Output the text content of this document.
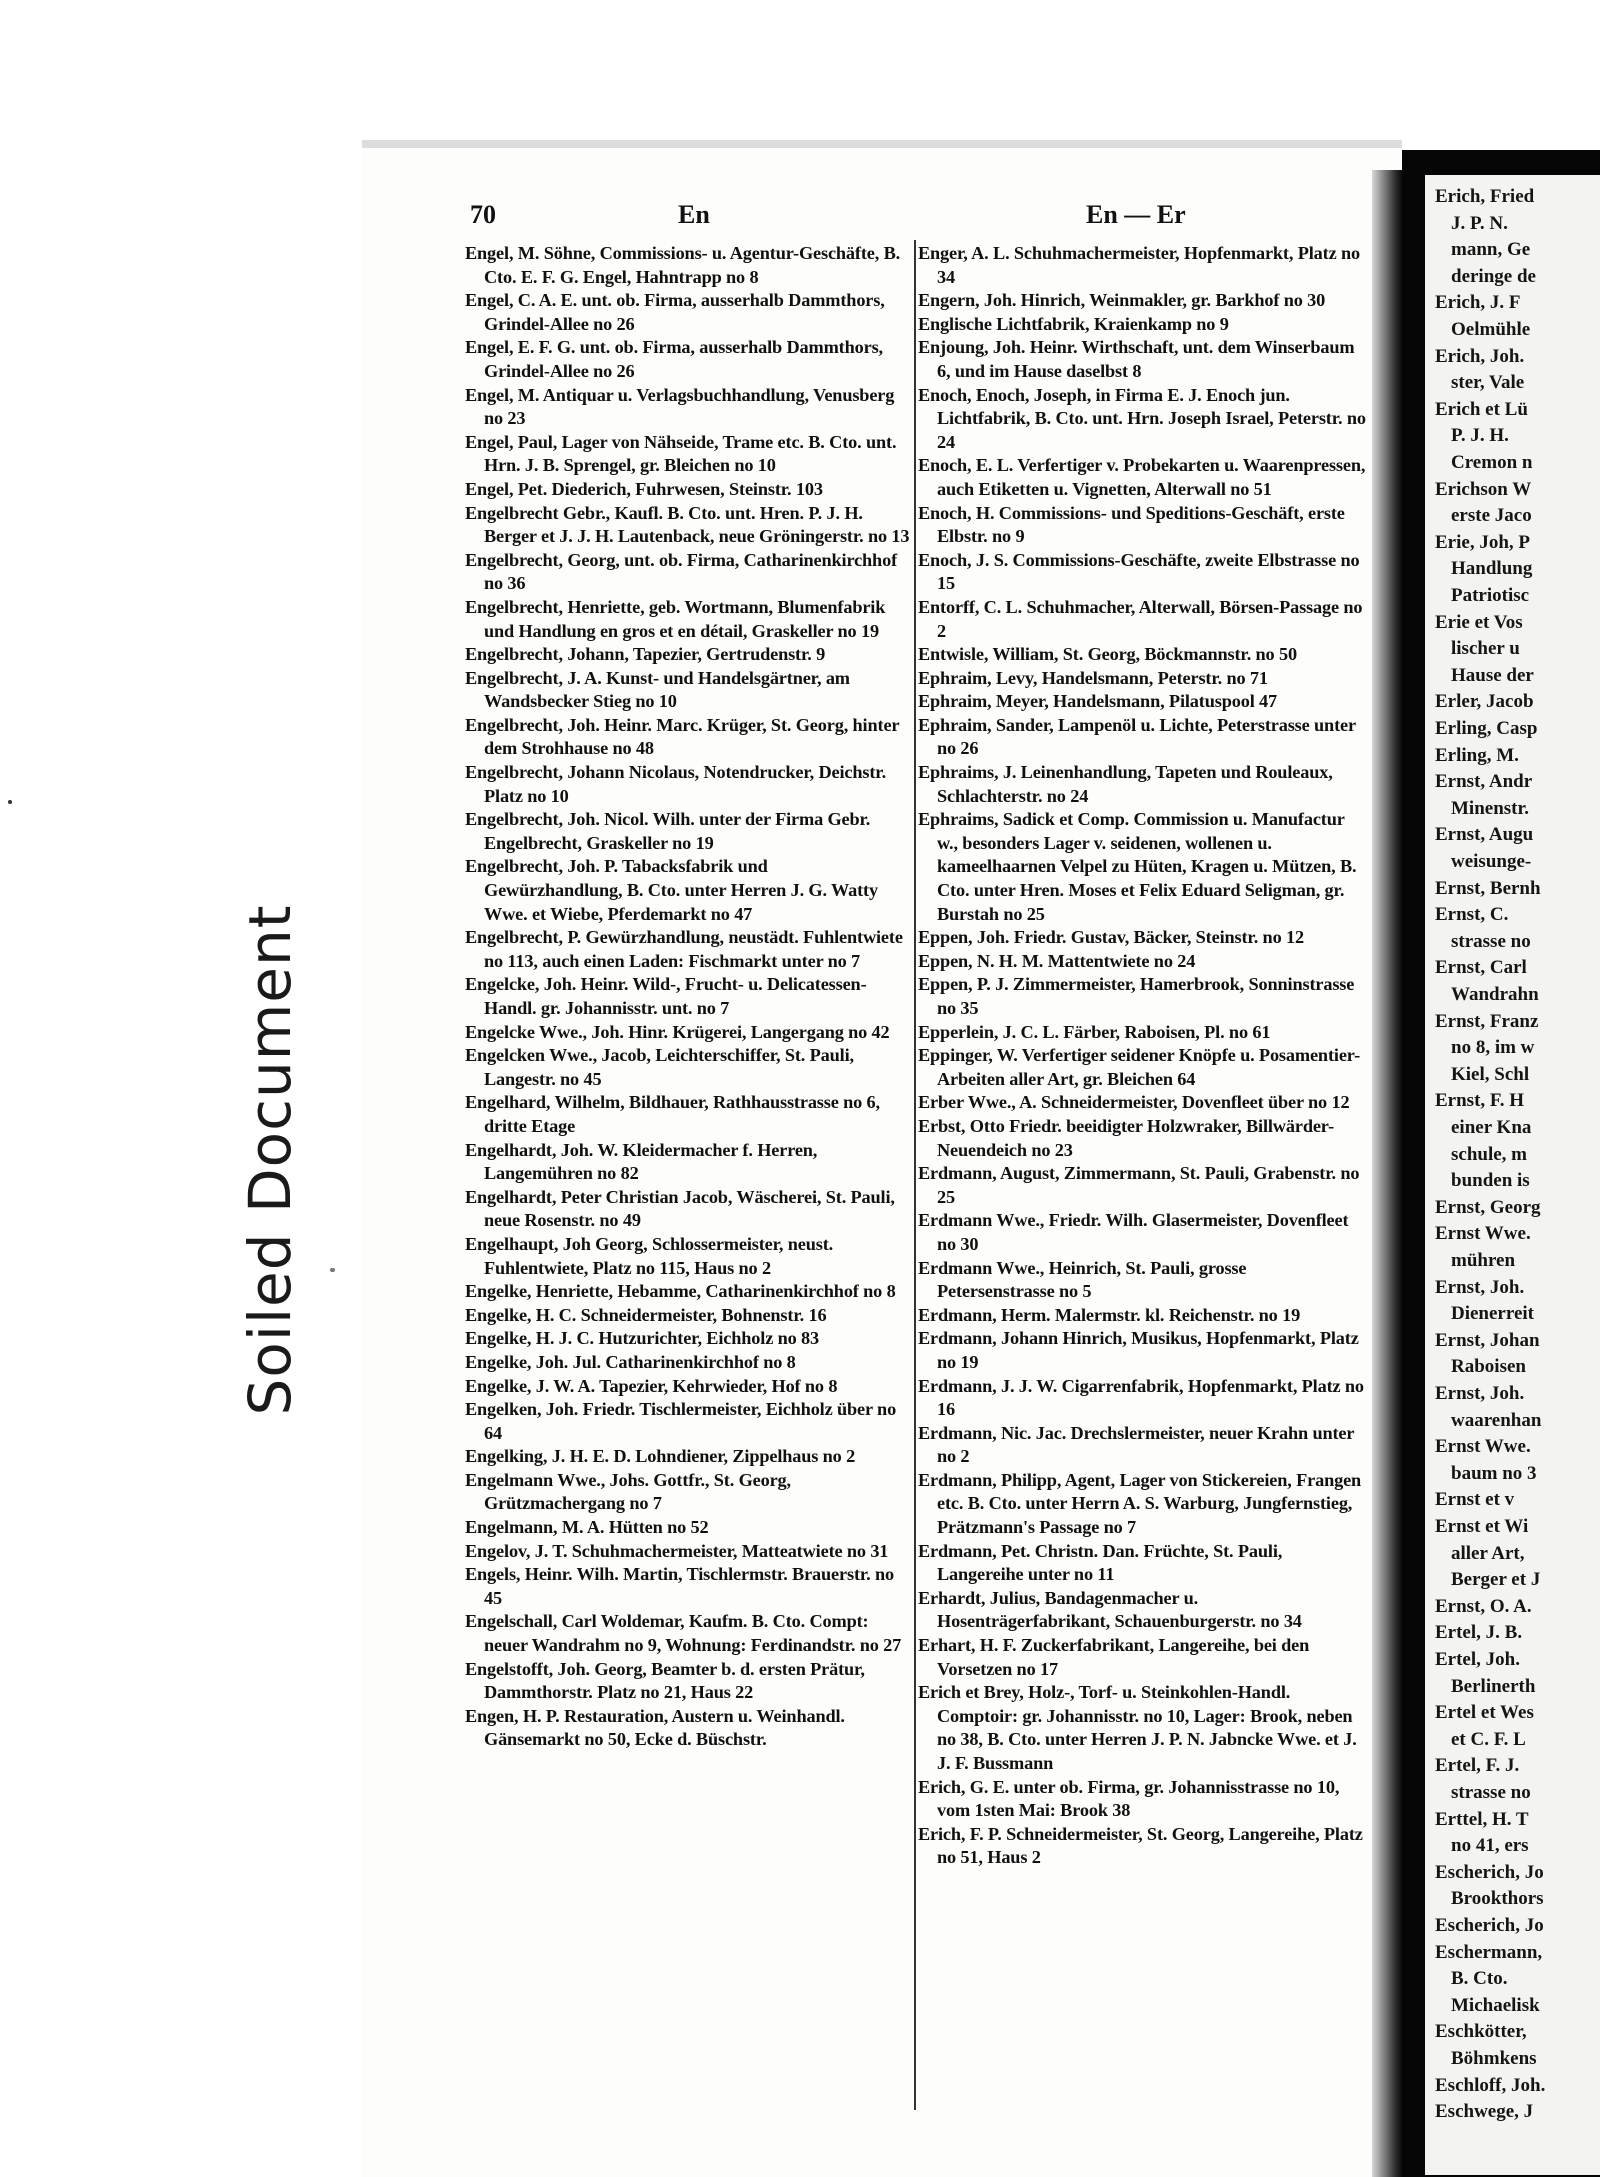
Erich, Fried
J. P. N.
mann, Ge
deringe de
Erich, J. F
Oelmühle
Erich, Joh.
ster, Vale
Erich et Lü
P. J. H.
Cremon n
Erichson W
erste Jaco
Erie, Joh, P
Handlung
Patriotisc
Erie et Vos
lischer u
Hause der
Erler, Jacob
Erling, Casp
Erling, M.
Ernst, Andr
Minenstr.
Ernst, Augu
weisunge-
Ernst, Bernh
Ernst, C.
strasse no
Ernst, Carl
Wandrahn
Ernst, Franz
no 8, im w
Kiel, Schl
Ernst, F. H
einer Kna
schule, m
bunden is
Ernst, Georg
Ernst Wwe.
mühren
Ernst, Joh.
Dienerreit
Ernst, Johan
Raboisen
Ernst, Joh.
waarenhan
Ernst Wwe.
baum no 3
Ernst et v
Ernst et Wi
aller Art,
Berger et J
Ernst, O. A.
Ertel, J. B.
Ertel, Joh.
Berlinerth
Ertel et Wes
et C. F. L
Ertel, F. J.
strasse no
Erttel, H. T
no 41, ers
Escherich, Jo
Brookthors
Escherich, Jo
Eschermann,
B. Cto.
Michaelisk
Eschkötter,
Böhmkens
Eschloff, Joh.
Eschwege, J
70	En	En — Er

Engel, M. Söhne, Commissions- u. Agentur-Geschäfte, B. Cto. E. F. G. Engel, Hahntrapp no 8

Engel, C. A. E. unt. ob. Firma, ausserhalb Dammthors, Grindel-Allee no 26

Engel, E. F. G. unt. ob. Firma, ausserhalb Dammthors, Grindel-Allee no 26

Engel, M. Antiquar u. Verlagsbuchhandlung, Venusberg no 23

Engel, Paul, Lager von Nähseide, Trame etc. B. Cto. unt. Hrn. J. B. Sprengel, gr. Bleichen no 10

Engel, Pet. Diederich, Fuhrwesen, Steinstr. 103

Engelbrecht Gebr., Kaufl. B. Cto. unt. Hren. P. J. H. Berger et J. J. H. Lautenback, neue Gröningerstr. no 13

Engelbrecht, Georg, unt. ob. Firma, Catharinenkirchhof no 36

Engelbrecht, Henriette, geb. Wortmann, Blumenfabrik und Handlung en gros et en détail, Graskeller no 19

Engelbrecht, Johann, Tapezier, Gertrudenstr. 9

Engelbrecht, J. A. Kunst- und Handelsgärtner, am Wandsbecker Stieg no 10

Engelbrecht, Joh. Heinr. Marc. Krüger, St. Georg, hinter dem Strohhause no 48

Engelbrecht, Johann Nicolaus, Notendrucker, Deichstr. Platz no 10

Engelbrecht, Joh. Nicol. Wilh. unter der Firma Gebr. Engelbrecht, Graskeller no 19

Engelbrecht, Joh. P. Tabacksfabrik und Gewürzhandlung, B. Cto. unter Herren J. G. Watty Wwe. et Wiebe, Pferdemarkt no 47

Engelbrecht, P. Gewürzhandlung, neustädt. Fuhlentwiete no 113, auch einen Laden: Fischmarkt unter no 7

Engelcke, Joh. Heinr. Wild-, Frucht- u. Delicatessen-Handl. gr. Johannisstr. unt. no 7

Engelcke Wwe., Joh. Hinr. Krügerei, Langergang no 42

Engelcken Wwe., Jacob, Leichterschiffer, St. Pauli, Langestr. no 45

Engelhard, Wilhelm, Bildhauer, Rathhausstrasse no 6, dritte Etage

Engelhardt, Joh. W. Kleidermacher f. Herren, Langemühren no 82

Engelhardt, Peter Christian Jacob, Wäscherei, St. Pauli, neue Rosenstr. no 49

Engelhaupt, Joh Georg, Schlossermeister, neust. Fuhlentwiete, Platz no 115, Haus no 2

Engelke, Henriette, Hebamme, Catharinenkirchhof no 8

Engelke, H. C. Schneidermeister, Bohnenstr. 16

Engelke, H. J. C. Hutzurichter, Eichholz no 83

Engelke, Joh. Jul. Catharinenkirchhof no 8

Engelke, J. W. A. Tapezier, Kehrwieder, Hof no 8

Engelken, Joh. Friedr. Tischlermeister, Eichholz über no 64

Engelking, J. H. E. D. Lohndiener, Zippelhaus no 2

Engelmann Wwe., Johs. Gottfr., St. Georg, Grützmachergang no 7

Engelmann, M. A. Hütten no 52

Engelov, J. T. Schuhmachermeister, Matteatwiete no 31

Engels, Heinr. Wilh. Martin, Tischlermstr. Brauerstr. no 45

Engelschall, Carl Woldemar, Kaufm. B. Cto. Compt: neuer Wandrahm no 9, Wohnung: Ferdinandstr. no 27

Engelstofft, Joh. Georg, Beamter b. d. ersten Prätur, Dammthorstr. Platz no 21, Haus 22

Engen, H. P. Restauration, Austern u. Weinhandl. Gänsemarkt no 50, Ecke d. Büschstr.

Enger, A. L. Schuhmachermeister, Hopfenmarkt, Platz no 34

Engern, Joh. Hinrich, Weinmakler, gr. Barkhof no 30

Englische Lichtfabrik, Kraienkamp no 9

Enjoung, Joh. Heinr. Wirthschaft, unt. dem Winserbaum 6, und im Hause daselbst 8

Enoch, Enoch, Joseph, in Firma E. J. Enoch jun. Lichtfabrik, B. Cto. unt. Hrn. Joseph Israel, Peterstr. no 24

Enoch, E. L. Verfertiger v. Probekarten u. Waarenpressen, auch Etiketten u. Vignetten, Alterwall no 51

Enoch, H. Commissions- und Speditions-Geschäft, erste Elbstr. no 9

Enoch, J. S. Commissions-Geschäfte, zweite Elbstrasse no 15

Entorff, C. L. Schuhmacher, Alterwall, Börsen-Passage no 2

Entwisle, William, St. Georg, Böckmannstr. no 50

Ephraim, Levy, Handelsmann, Peterstr. no 71

Ephraim, Meyer, Handelsmann, Pilatuspool 47

Ephraim, Sander, Lampenöl u. Lichte, Peterstrasse unter no 26

Ephraims, J. Leinenhandlung, Tapeten und Rouleaux, Schlachterstr. no 24

Ephraims, Sadick et Comp. Commission u. Manufactur w., besonders Lager v. seidenen, wollenen u. kameelhaarnen Velpel zu Hüten, Kragen u. Mützen, B. Cto. unter Hren. Moses et Felix Eduard Seligman, gr. Burstah no 25

Eppen, Joh. Friedr. Gustav, Bäcker, Steinstr. no 12

Eppen, N. H. M. Mattentwiete no 24

Eppen, P. J. Zimmermeister, Hamerbrook, Sonninstrasse no 35

Epperlein, J. C. L. Färber, Raboisen, Pl. no 61

Eppinger, W. Verfertiger seidener Knöpfe u. Posamentier-Arbeiten aller Art, gr. Bleichen 64

Erber Wwe., A. Schneidermeister, Dovenfleet über no 12

Erbst, Otto Friedr. beeidigter Holzwraker, Billwärder-Neuendeich no 23

Erdmann, August, Zimmermann, St. Pauli, Grabenstr. no 25

Erdmann Wwe., Friedr. Wilh. Glasermeister, Dovenfleet no 30

Erdmann Wwe., Heinrich, St. Pauli, grosse Petersenstrasse no 5

Erdmann, Herm. Malermstr. kl. Reichenstr. no 19

Erdmann, Johann Hinrich, Musikus, Hopfenmarkt, Platz no 19

Erdmann, J. J. W. Cigarrenfabrik, Hopfenmarkt, Platz no 16

Erdmann, Nic. Jac. Drechslermeister, neuer Krahn unter no 2

Erdmann, Philipp, Agent, Lager von Stickereien, Frangen etc. B. Cto. unter Herrn A. S. Warburg, Jungfernstieg, Prätzmann's Passage no 7

Erdmann, Pet. Christn. Dan. Früchte, St. Pauli, Langereihe unter no 11

Erhardt, Julius, Bandagenmacher u. Hosenträgerfabrikant, Schauenburgerstr. no 34

Erhart, H. F. Zuckerfabrikant, Langereihe, bei den Vorsetzen no 17

Erich et Brey, Holz-, Torf- u. Steinkohlen-Handl. Comptoir: gr. Johannisstr. no 10, Lager: Brook, neben no 38, B. Cto. unter Herren J. P. N. Jabncke Wwe. et J. J. F. Bussmann

Erich, G. E. unter ob. Firma, gr. Johannisstrasse no 10, vom 1sten Mai: Brook 38

Erich, F. P. Schneidermeister, St. Georg, Langereihe, Platz no 51, Haus 2

Soiled Document
